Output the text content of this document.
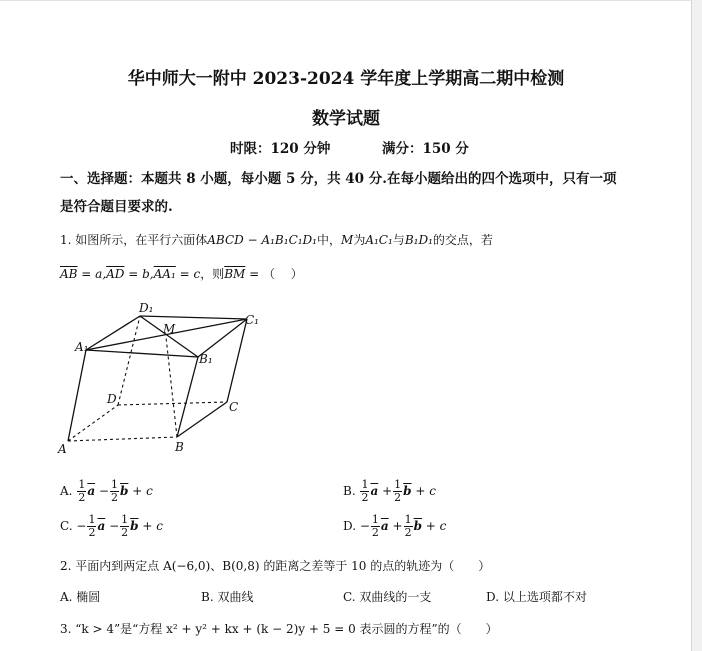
华中师大一附中 2023-2024 学年度上学期高二期中检测
数学试题
时限：120 分钟	满分：150 分
一、选择题：本题共 8 小题，每小题 5 分，共 40 分.在每小题给出的四个选项中，只有一项
是符合题目要求的.
1. 如图所示，在平行六面体ABCD − A₁B₁C₁D₁中，M为A₁C₁与B₁D₁的交点，若
$\overline{AB} = a,\overline{AD} = b,AA_1 = c$，则$\overline{BM}$ = （　 ）
D₁
C₁
A₁
B₁
M
D
C
A	B
A. $\frac{1}{2} \overline{a} - \frac{1}{2} \overline{b} + c$	B. $\frac{1}{2} \overline{a} + \frac{1}{2} \overline{b} + c$
C. − $\frac{1}{2} \overline{a} - \frac{1}{2} \overline{b} + c$	D. − $\frac{1}{2} \overline{a} + \frac{1}{2} \overline{b} + c$
2. 平面内到两定点 A(−6,0)、B(0,8) 的距离之差等于 10 的点的轨迹为（　　）
A. 椭圆	B. 双曲线	C. 双曲线的一支	D. 以上选项都不对
3. “k > 4”是“方程 x² + y² + kx + (k − 2)y + 5 = 0 表示圆的方程”的（　　）
